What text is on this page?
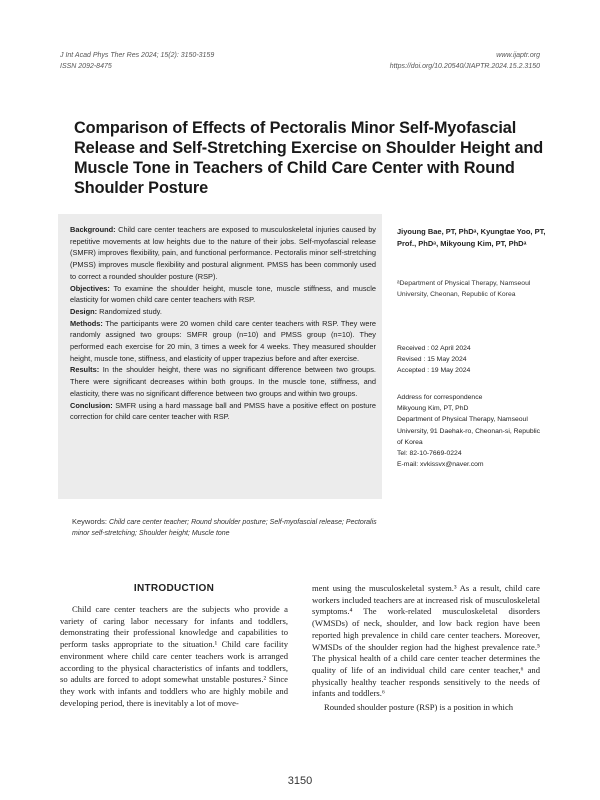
J Int Acad Phys Ther Res 2024; 15(2): 3150-3159
ISSN 2092-8475
www.ijaptr.org
https://doi.org/10.20540/JIAPTR.2024.15.2.3150
Comparison of Effects of Pectoralis Minor Self-Myofascial Release and Self-Stretching Exercise on Shoulder Height and Muscle Tone in Teachers of Child Care Center with Round Shoulder Posture

Background: Child care center teachers are exposed to musculoskeletal injuries caused by repetitive movements at low heights due to the nature of their jobs. Self-myofascial release (SMFR) improves flexibility, pain, and functional performance. Pectoralis minor self-stretching (PMSS) improves muscle flexibility and postural alignment. PMSS has been commonly used to correct a rounded shoulder posture (RSP).

Objectives: To examine the shoulder height, muscle tone, muscle stiffness, and muscle elasticity for women child care center teachers with RSP.

Design: Randomized study.

Methods: The participants were 20 women child care center teachers with RSP. They were randomly assigned two groups: SMFR group (n=10) and PMSS group (n=10). They performed each exercise for 20 min, 3 times a week for 4 weeks. They measured shoulder height, muscle tone, stiffness, and elasticity of upper trapezius before and after exercise.

Results: In the shoulder height, there was no significant difference between two groups. There were significant decreases within both groups. In the muscle tone, stiffness, and elasticity, there was no significant difference between two groups and within two groups.

Conclusion: SMFR using a hard massage ball and PMSS have a positive effect on posture correction for child care center teacher with RSP.

Jiyoung Bae, PT, PhDᵃ, Kyungtae Yoo, PT, Prof., PhDᵃ, Mikyoung Kim, PT, PhDᵃ
ᵃDepartment of Physical Therapy, Namseoul University, Cheonan, Republic of Korea
Received : 02 April 2024
Revised : 15 May 2024
Accepted : 19 May 2024
Address for correspondence
Mikyoung Kim, PT, PhD
Department of Physical Therapy, Namseoul University, 91 Daehak-ro, Cheonan-si, Republic of Korea
Tel: 82-10-7669-0224
E-mail: xvkissvx@naver.com
Keywords: Child care center teacher; Round shoulder posture; Self-myofascial release; Pectoralis minor self-stretching; Shoulder height; Muscle tone
INTRODUCTION

Child care center teachers are the subjects who provide a variety of caring labor necessary for infants and toddlers, demonstrating their professional knowledge and capabilities to perform tasks appropriate to the situation.¹ Child care facility environment where child care center teachers work is arranged according to the physical characteristics of infants and toddlers, so adults are forced to adopt somewhat unstable postures.² Since they work with infants and toddlers who are highly mobile and developing period, there is inevitably a lot of move-

ment using the musculoskeletal system.³ As a result, child care workers included teachers are at increased risk of musculoskeletal symptoms.⁴ The work-related musculoskeletal disorders (WMSDs) of neck, shoulder, and low back region have been reported high prevalence in child care center teachers. Moreover, WMSDs of the shoulder region had the highest prevalence rate.⁵ The physical health of a child care center teacher determines the quality of life of an individual child care center teacher,⁶ and physically healthy teacher responds sensitively to the needs of infants and toddlers.⁶

Rounded shoulder posture (RSP) is a position in which

3150
